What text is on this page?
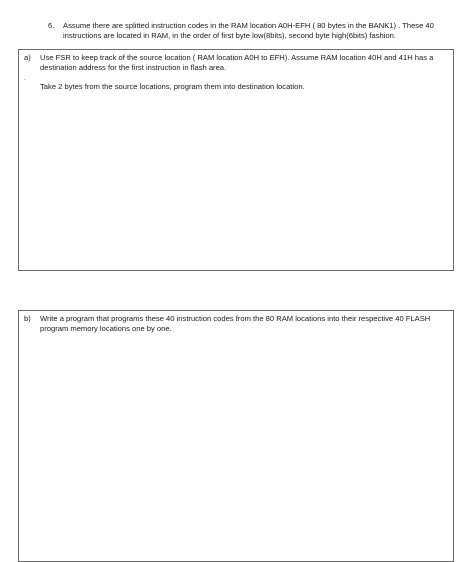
6. Assume there are splitted instruction codes in the RAM location A0H-EFH ( 80 bytes in the BANK1) . These 40 instructions are located in RAM, in the order of first byte low(8bits), second byte high(6bits) fashion.
a) Use FSR to keep track of the source location ( RAM location A0H to EFH). Assume RAM location 40H and 41H has a destination address for the first instruction in flash area.
.
Take 2 bytes from the source locations, program them into destination location.
b) Write a program that programs these 40 instruction codes from the 80 RAM locations into their respective 40 FLASH program memory locations one by one.
